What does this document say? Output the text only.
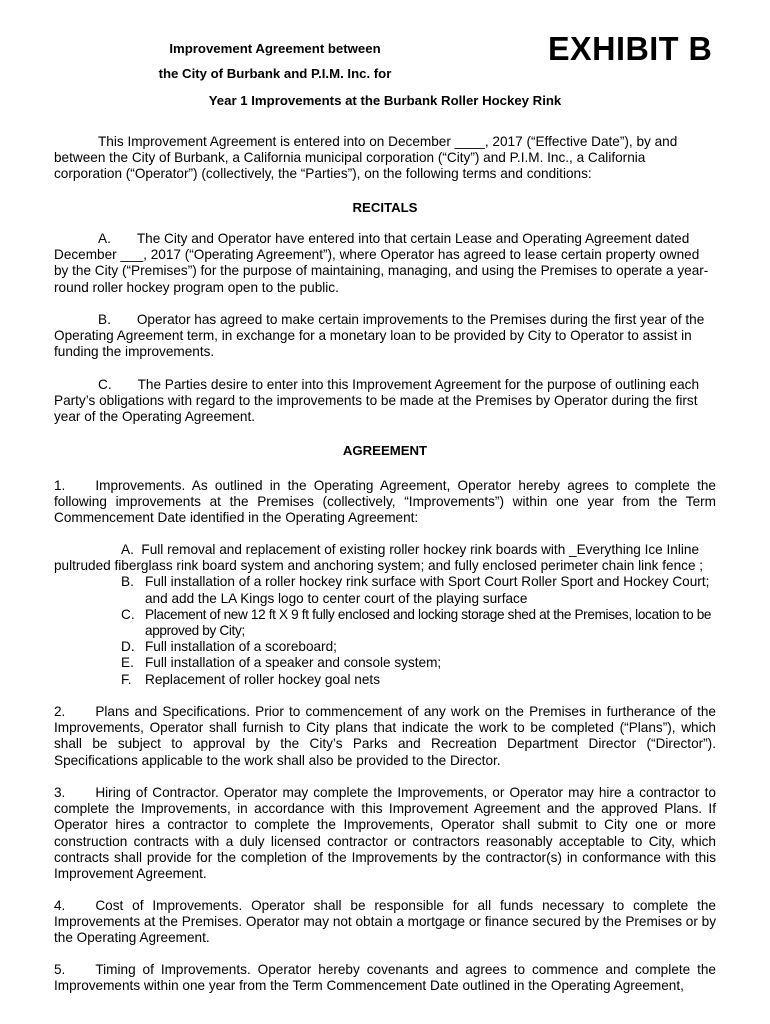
EXHIBIT B
Improvement Agreement between
the City of Burbank and P.I.M. Inc. for
Year 1 Improvements at the Burbank Roller Hockey Rink
This Improvement Agreement is entered into on December ____, 2017 (“Effective Date”), by and between the City of Burbank, a California municipal corporation (“City”) and P.I.M. Inc., a California corporation (“Operator”) (collectively, the “Parties”), on the following terms and conditions:
RECITALS
A. The City and Operator have entered into that certain Lease and Operating Agreement dated December ___, 2017 (“Operating Agreement”), where Operator has agreed to lease certain property owned by the City (“Premises”) for the purpose of maintaining, managing, and using the Premises to operate a year-round roller hockey program open to the public.
B. Operator has agreed to make certain improvements to the Premises during the first year of the Operating Agreement term, in exchange for a monetary loan to be provided by City to Operator to assist in funding the improvements.
C. The Parties desire to enter into this Improvement Agreement for the purpose of outlining each Party’s obligations with regard to the improvements to be made at the Premises by Operator during the first year of the Operating Agreement.
AGREEMENT
1. Improvements. As outlined in the Operating Agreement, Operator hereby agrees to complete the following improvements at the Premises (collectively, “Improvements”) within one year from the Term Commencement Date identified in the Operating Agreement:
A. Full removal and replacement of existing roller hockey rink boards with _Everything Ice Inline pultruded fiberglass rink board system and anchoring system; and fully enclosed perimeter chain link fence ;
B. Full installation of a roller hockey rink surface with Sport Court Roller Sport and Hockey Court; and add the LA Kings logo to center court of the playing surface
C. Placement of new 12 ft X 9 ft fully enclosed and locking storage shed at the Premises, location to be approved by City;
D. Full installation of a scoreboard;
E. Full installation of a speaker and console system;
F. Replacement of roller hockey goal nets
2. Plans and Specifications. Prior to commencement of any work on the Premises in furtherance of the Improvements, Operator shall furnish to City plans that indicate the work to be completed (“Plans”), which shall be subject to approval by the City’s Parks and Recreation Department Director (“Director”). Specifications applicable to the work shall also be provided to the Director.
3. Hiring of Contractor. Operator may complete the Improvements, or Operator may hire a contractor to complete the Improvements, in accordance with this Improvement Agreement and the approved Plans. If Operator hires a contractor to complete the Improvements, Operator shall submit to City one or more construction contracts with a duly licensed contractor or contractors reasonably acceptable to City, which contracts shall provide for the completion of the Improvements by the contractor(s) in conformance with this Improvement Agreement.
4. Cost of Improvements. Operator shall be responsible for all funds necessary to complete the Improvements at the Premises. Operator may not obtain a mortgage or finance secured by the Premises or by the Operating Agreement.
5. Timing of Improvements. Operator hereby covenants and agrees to commence and complete the Improvements within one year from the Term Commencement Date outlined in the Operating Agreement,
